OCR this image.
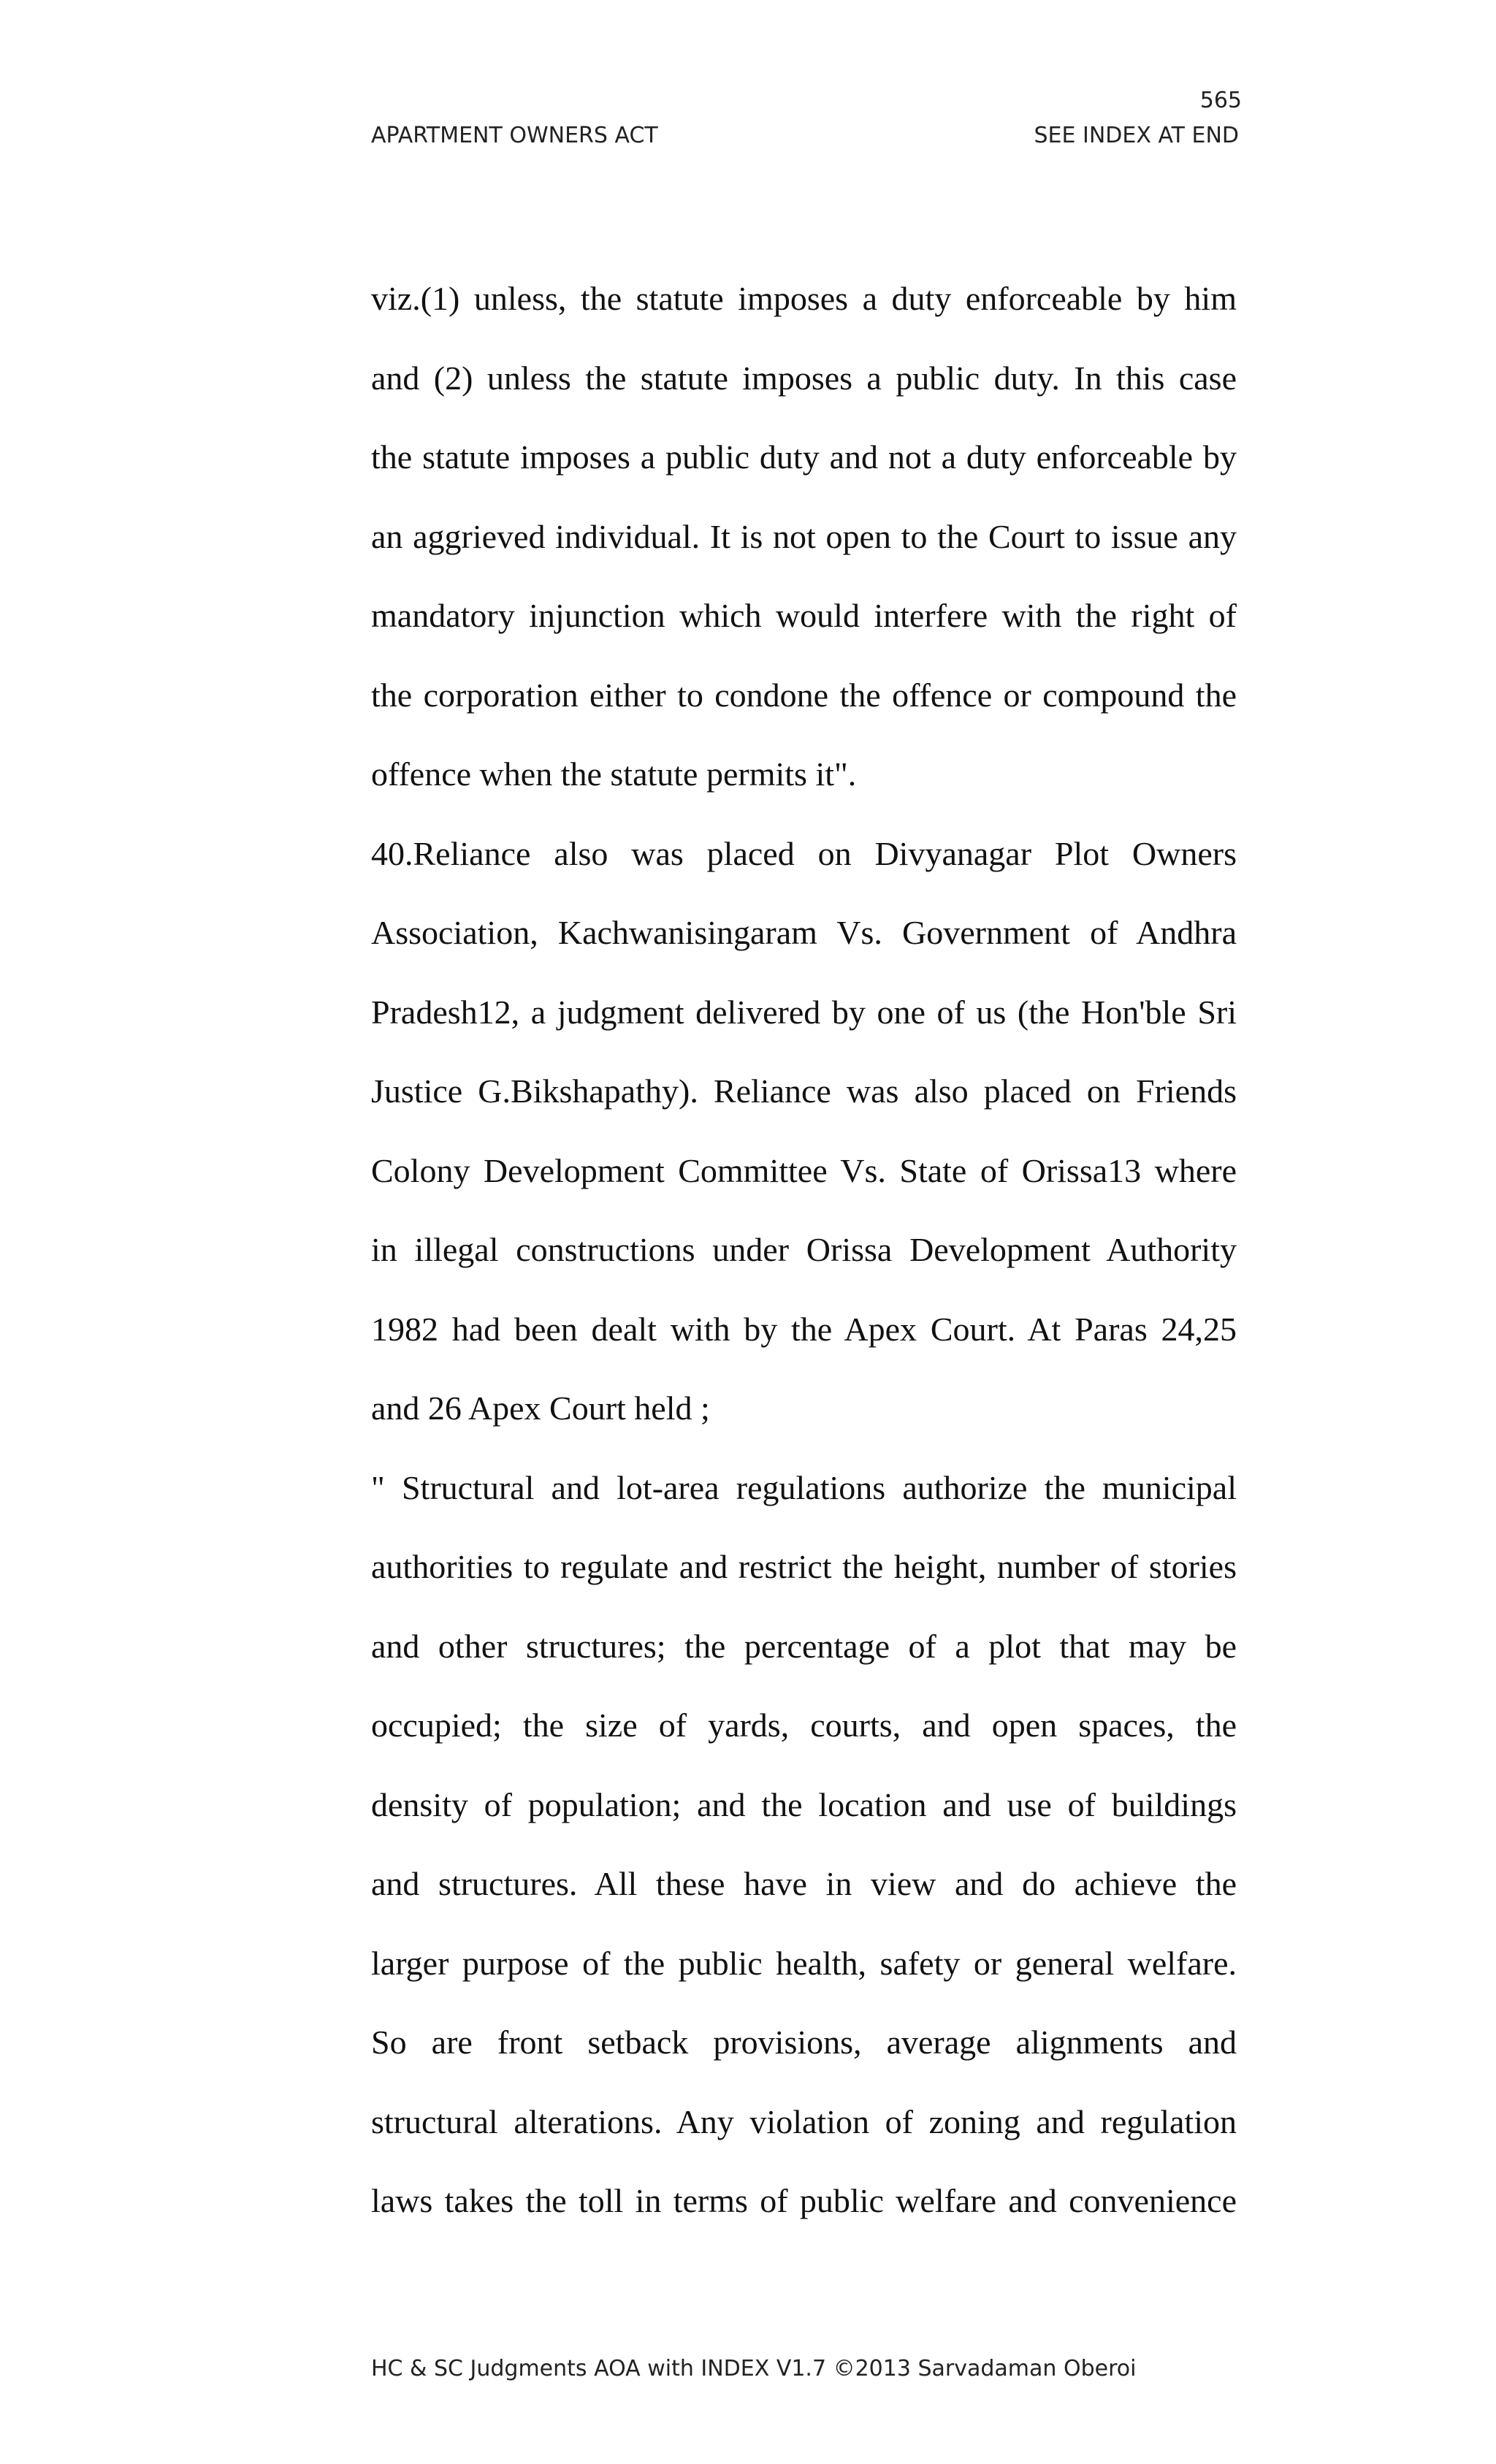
565
APARTMENT OWNERS ACT	SEE INDEX AT END
viz.(1) unless, the statute imposes a duty enforceable by him
and (2) unless the statute imposes a public duty. In this case
the statute imposes a public duty and not a duty enforceable by
an aggrieved individual. It is not open to the Court to issue any
mandatory injunction which would interfere with the right of
the corporation either to condone the offence or compound the
offence when the statute permits it".
40.Reliance also was placed on Divyanagar Plot Owners
Association, Kachwanisingaram Vs. Government of Andhra
Pradesh12, a judgment delivered by one of us (the Hon'ble Sri
Justice G.Bikshapathy). Reliance was also placed on Friends
Colony Development Committee Vs. State of Orissa13 where
in illegal constructions under Orissa Development Authority
1982 had been dealt with by the Apex Court. At Paras 24,25
and 26 Apex Court held ;
" Structural and lot-area regulations authorize the municipal
authorities to regulate and restrict the height, number of stories
and other structures; the percentage of a plot that may be
occupied; the size of yards, courts, and open spaces, the
density of population; and the location and use of buildings
and structures. All these have in view and do achieve the
larger purpose of the public health, safety or general welfare.
So are front setback provisions, average alignments and
structural alterations. Any violation of zoning and regulation
laws takes the toll in terms of public welfare and convenience
HC & SC Judgments AOA with INDEX V1.7 ©2013 Sarvadaman Oberoi
